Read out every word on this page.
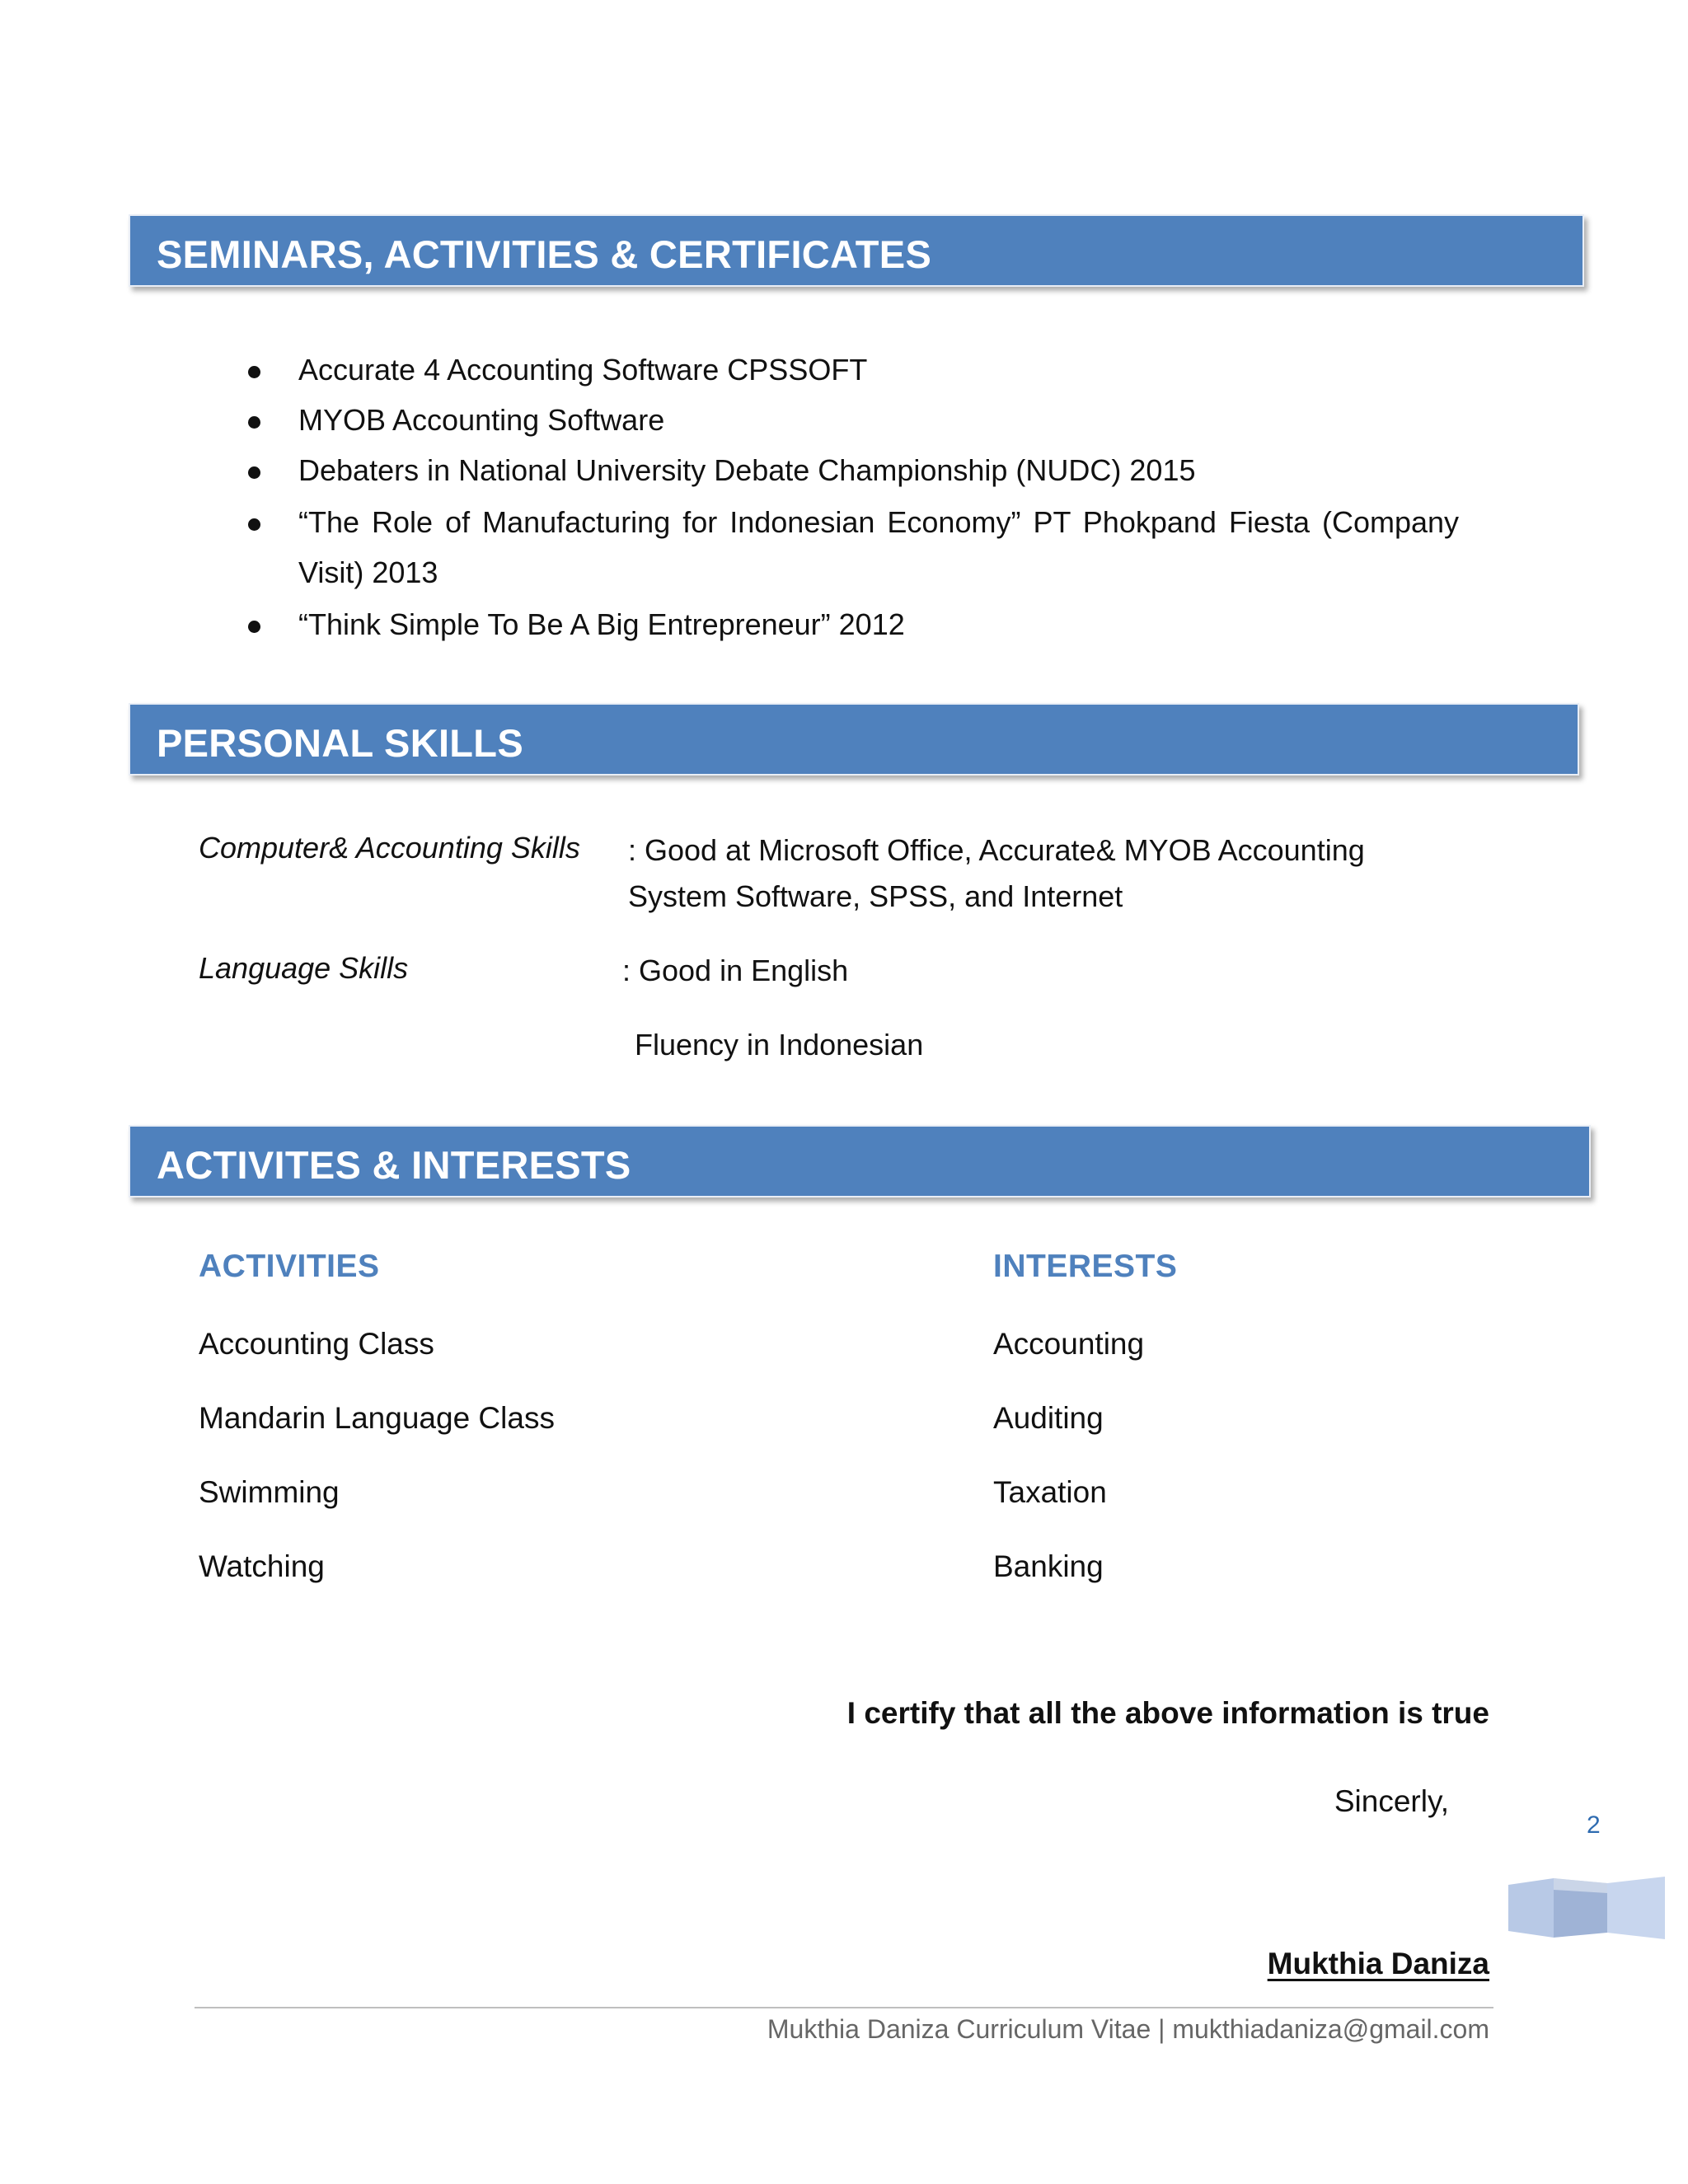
SEMINARS, ACTIVITIES & CERTIFICATES
Accurate 4 Accounting Software CPSSOFT
MYOB Accounting Software
Debaters in National University Debate Championship (NUDC) 2015
“The Role of Manufacturing for Indonesian Economy” PT Phokpand Fiesta (Company
Visit) 2013
“Think Simple To Be A Big Entrepreneur” 2012
PERSONAL SKILLS
Computer& Accounting Skills : Good at Microsoft Office, Accurate& MYOB Accounting
System Software, SPSS, and Internet
Language Skills	: Good in English
Fluency in Indonesian
ACTIVITES & INTERESTS
ACTIVITIES
Accounting Class
Mandarin Language Class
Swimming
Watching
INTERESTS
Accounting
Auditing
Taxation
Banking
I certify that all the above information is true
Sincerly,
2
Mukthia Daniza
Mukthia Daniza Curriculum Vitae | mukthiadaniza@gmail.com
